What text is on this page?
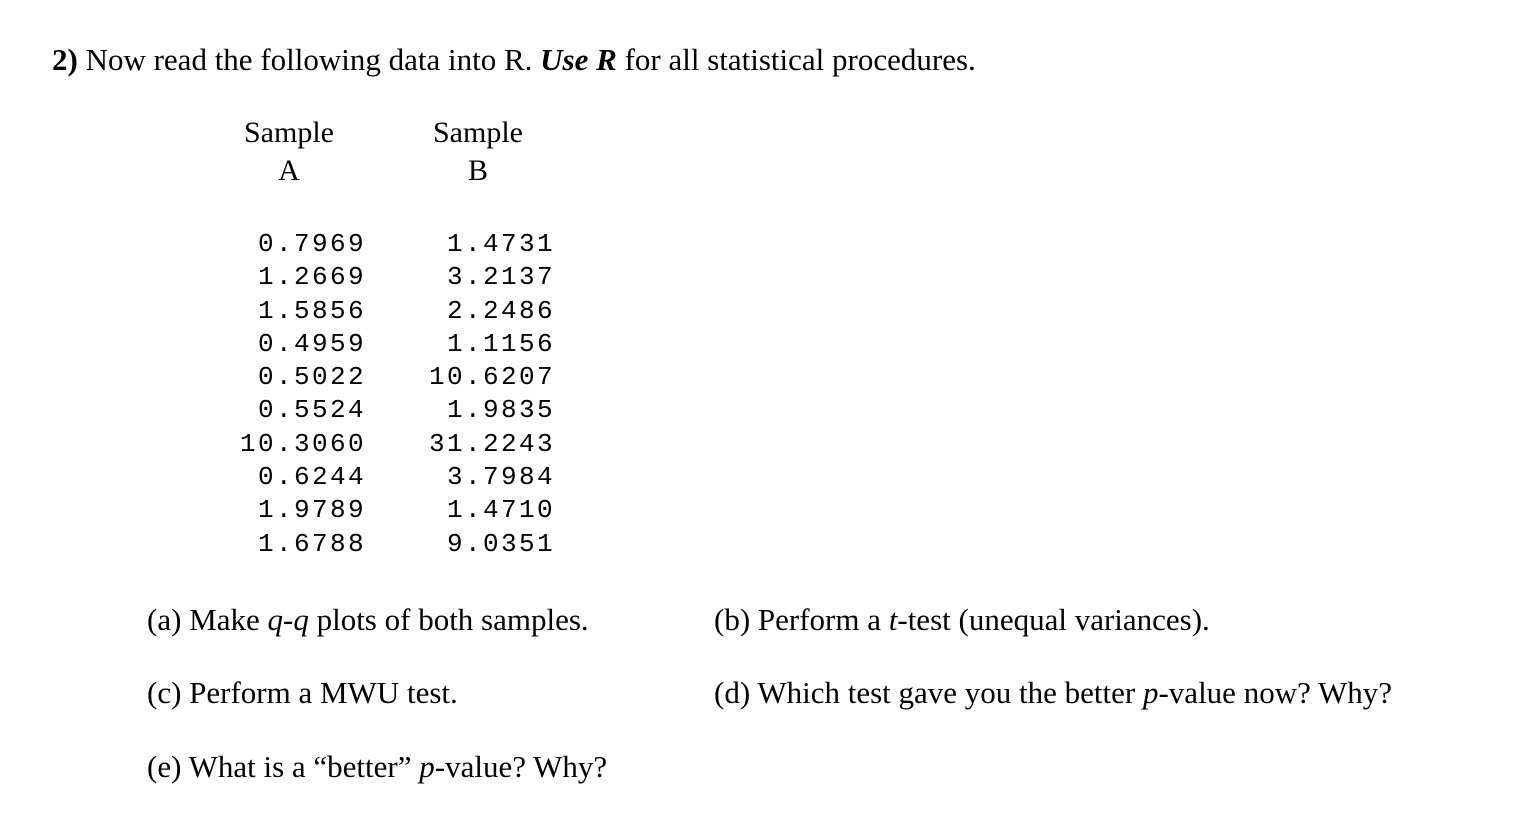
2) Now read the following data into R. Use R for all statistical procedures.
Sample
A
Sample
B
0.7969
1.2669
1.5856
0.4959
0.5022
0.5524
10.3060
0.6244
1.9789
1.6788
1.4731
3.2137
2.2486
1.1156
10.6207
1.9835
31.2243
3.7984
1.4710
9.0351
(a) Make q-q plots of both samples.	(b) Perform a t-test (unequal variances).
(c) Perform a MWU test.	(d) Which test gave you the better p-value now? Why?
(e) What is a “better” p-value? Why?
